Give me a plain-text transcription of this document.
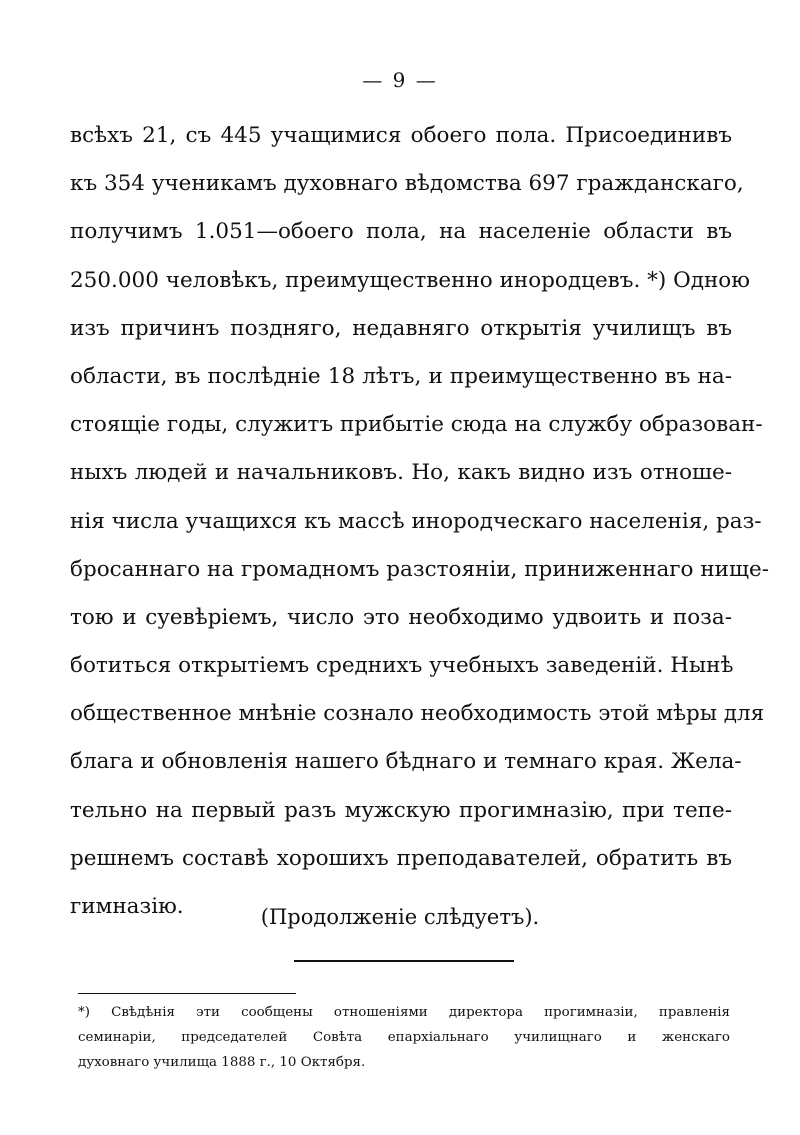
— 9 —
всѣхъ 21, съ 445 учащимися обоего пола. Присоединивъ
къ 354 ученикамъ духовнаго вѣдомства 697 гражданскаго,
получимъ 1.051—обоего пола, на населеніе области въ
250.000 человѣкъ, преимущественно инородцевъ. *) Одною
изъ причинъ поздняго, недавняго открытія училищъ въ
области, въ послѣдніе 18 лѣтъ, и преимущественно въ на-
стоящіе годы, служитъ прибытіе сюда на службу образован-
ныхъ людей и начальниковъ. Но, какъ видно изъ отноше-
нія числа учащихся къ массѣ инородческаго населенія, раз-
бросаннаго на громадномъ разстояніи, приниженнаго нище-
тою и суевѣріемъ, число это необходимо удвоить и поза-
ботиться открытіемъ среднихъ учебныхъ заведеній. Нынѣ
общественное мнѣніе сознало необходимость этой мѣры для
блага и обновленія нашего бѣднаго и темнаго края. Жела-
тельно на первый разъ мужскую прогимназію, при тепе-
решнемъ составѣ хорошихъ преподавателей, обратить въ
гимназію.	(Продолженіе слѣдуетъ).
*) Свѣдѣнія эти сообщены отношеніями директора прогимназіи, правленія
семинаріи, председателей Совѣта епархіальнаго училищнаго и женскаго
духовнаго училища 1888 г., 10 Октября.
